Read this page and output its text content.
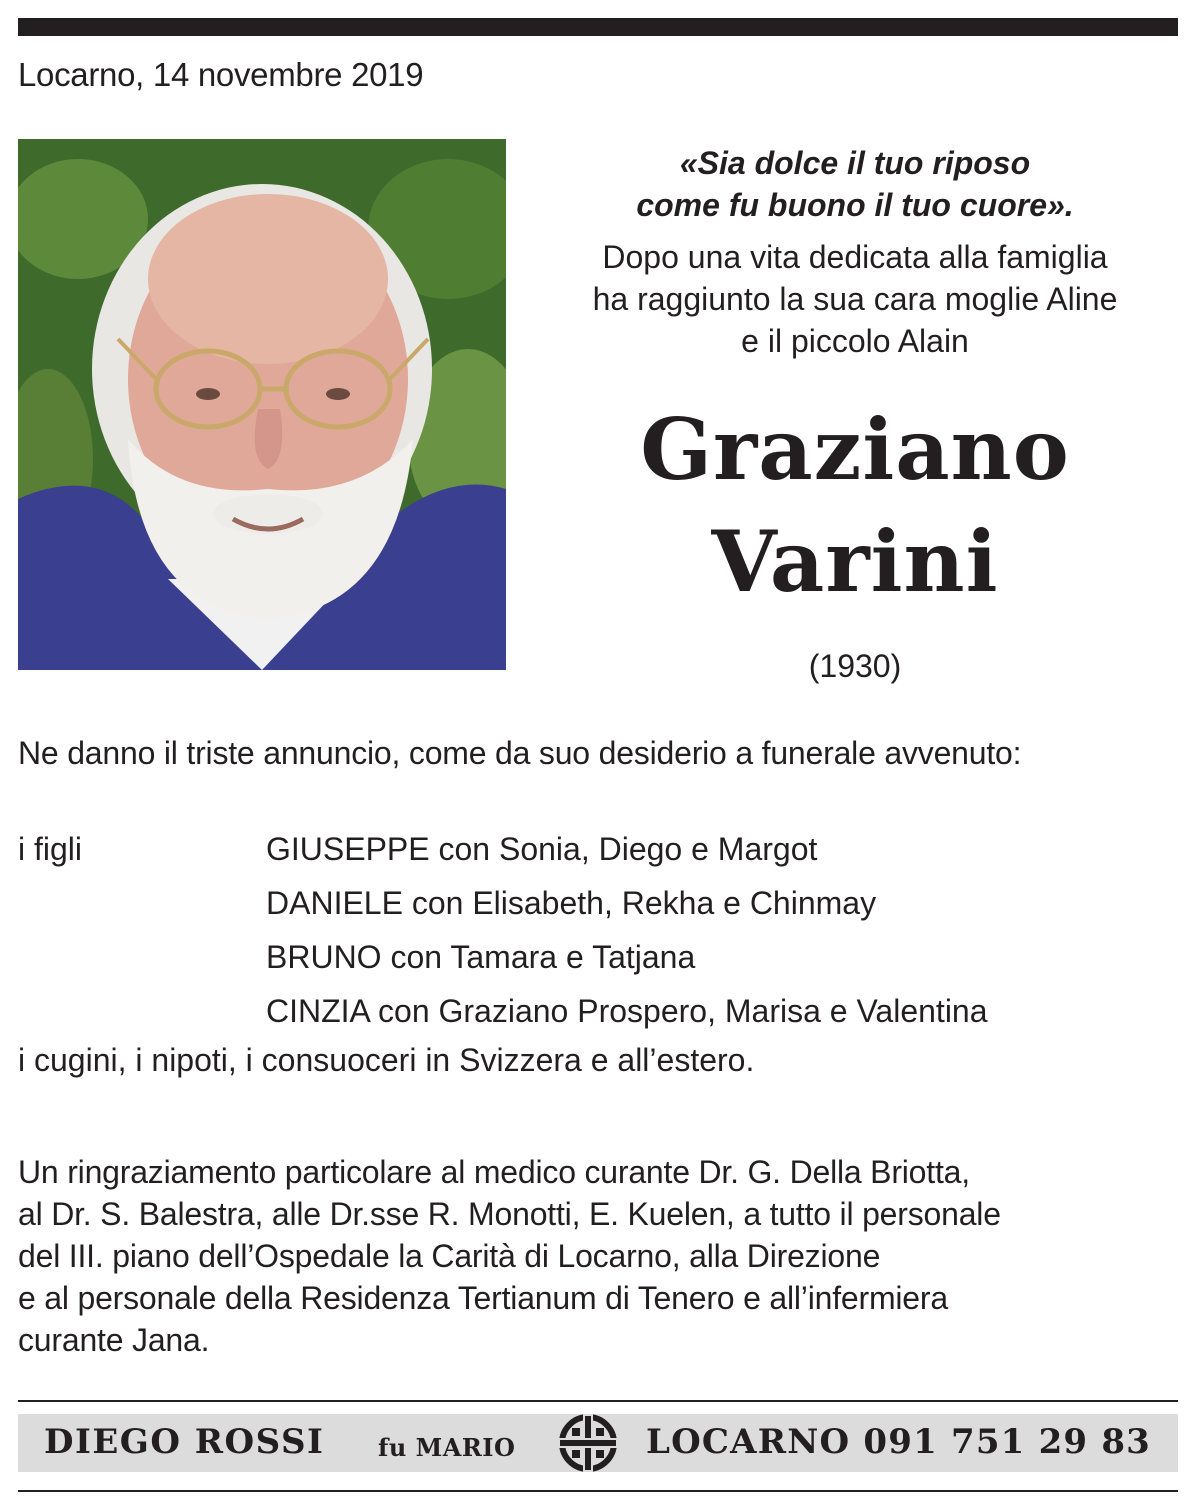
Locarno, 14 novembre 2019
«Sia dolce il tuo riposo
come fu buono il tuo cuore».
Dopo una vita dedicata alla famiglia
ha raggiunto la sua cara moglie Aline
e il piccolo Alain
Graziano
Varini
(1930)
Ne danno il triste annuncio, come da suo desiderio a funerale avvenuto:
i figli	GIUSEPPE con Sonia, Diego e Margot
DANIELE con Elisabeth, Rekha e Chinmay
BRUNO con Tamara e Tatjana
CINZIA con Graziano Prospero, Marisa e Valentina
i cugini, i nipoti, i consuoceri in Svizzera e all’estero.
Un ringraziamento particolare al medico curante Dr. G. Della Briotta,
al Dr. S. Balestra, alle Dr.sse R. Monotti, E. Kuelen, a tutto il personale
del III. piano dell’Ospedale la Carità di Locarno, alla Direzione
e al personale della Residenza Tertianum di Tenero e all’infermiera
curante Jana.
DIEGO ROSSI fu MARIO	LOCARNO 091 751 29 83
